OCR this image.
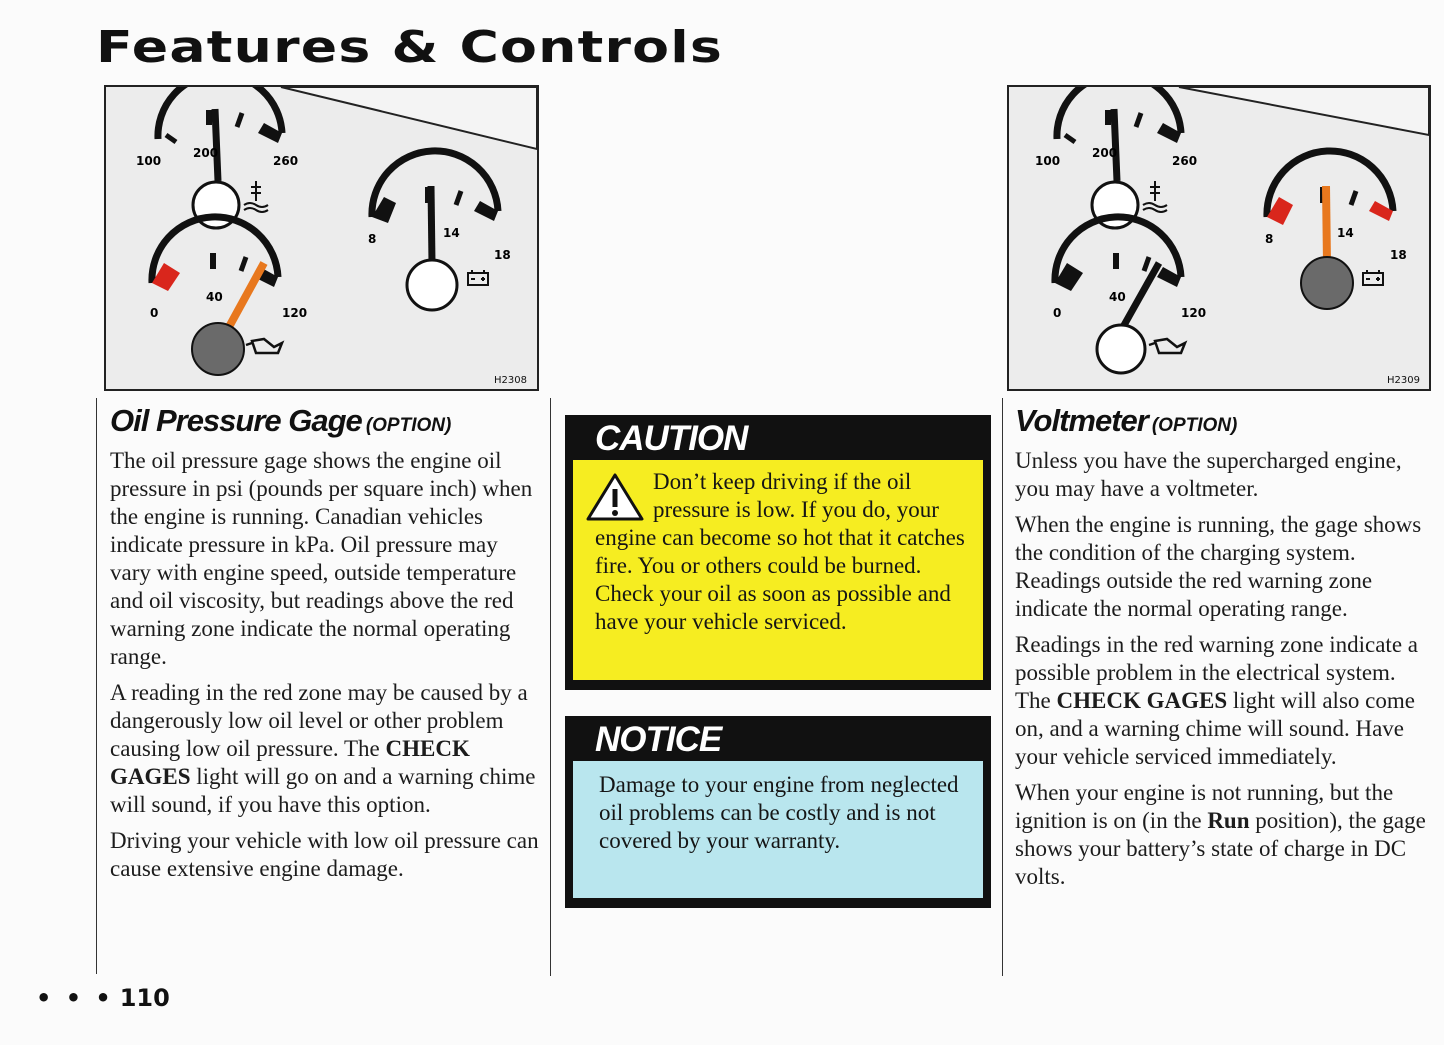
Features & Controls
100
200
260
8	14
18
0
40
120
H2308
100
200
260
8	14
18
0
40
120
H2309
Oil Pressure Gage (OPTION)

The oil pressure gage shows the engine oil pressure in psi (pounds per square inch) when the engine is running. Canadian vehicles indicate pressure in kPa. Oil pressure may vary with engine speed, outside temperature and oil viscosity, but readings above the red warning zone indicate the normal operating range.

A reading in the red zone may be caused by a dangerously low oil level or other problem causing low oil pressure. The CHECK GAGES light will go on and a warning chime will sound, if you have this option.

Driving your vehicle with low oil pressure can cause extensive engine damage.

CAUTION
Don’t keep driving if the oil pressure is low. If you do, your engine can become so hot that it catches fire. You or others could be burned. Check your oil as soon as possible and have your vehicle serviced.
NOTICE
Damage to your engine from neglected oil problems can be costly and is not covered by your warranty.
Voltmeter (OPTION)

Unless you have the supercharged engine, you may have a voltmeter.

When the engine is running, the gage shows the condition of the charging system. Readings outside the red warning zone indicate the normal operating range.

Readings in the red warning zone indicate a possible problem in the electrical system. The CHECK GAGES light will also come on, and a warning chime will sound. Have your vehicle serviced immediately.

When your engine is not running, but the ignition is on (in the Run position), the gage shows your battery’s state of charge in DC volts.

• • • 110
